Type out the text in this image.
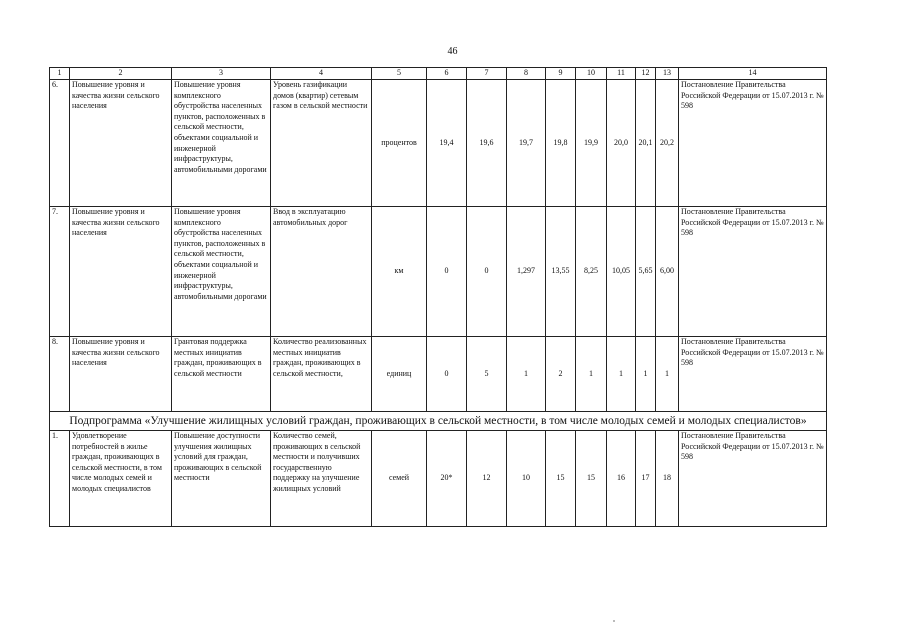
46
1	2	3	4	5	6	7	8	9	10	11	12	13	14
6.	Повышение уровня и качества жизни сельского населения	Повышение уровня комплексного обустройства населенных пунктов, расположенных в сельской местности, объектами социальной и инженерной инфраструктуры, автомобильными дорогами	Уровень газификации домов (квартир) сетевым газом в сельской местности	процентов	19,4	19,6	19,7	19,8	19,9	20,0	20,1	20,2	Постановление Правительства Российской Федерации от 15.07.2013 г. № 598
7.	Повышение уровня и качества жизни сельского населения	Повышение уровня комплексного обустройства населенных пунктов, расположенных в сельской местности, объектами социальной и инженерной инфраструктуры, автомобильными дорогами	Ввод в эксплуатацию автомобильных дорог	км	0	0	1,297	13,55	8,25	10,05	5,65	6,00	Постановление Правительства Российской Федерации от 15.07.2013 г. № 598
8.	Повышение уровня и качества жизни сельского населения	Грантовая поддержка местных инициатив граждан, проживающих в сельской местности	Количество реализованных местных инициатив граждан, проживающих в сельской местности,	единиц	0	5	1	2	1	1	1	1	Постановление Правительства Российской Федерации от 15.07.2013 г. № 598
Подпрограмма «Улучшение жилищных условий граждан, проживающих в сельской местности, в том числе молодых семей и молодых специалистов»													
1.	Удовлетворение потребностей в жилье граждан, проживающих в сельской местности, в том числе молодых семей и молодых специалистов	Повышение доступности улучшения жилищных условий для граждан, проживающих в сельской местности	Количество семей, проживающих в сельской местности и получивших государственную поддержку на улучшение жилищных условий	семей	20*	12	10	15	15	16	17	18	Постановление Правительства Российской Федерации от 15.07.2013 г. № 598
